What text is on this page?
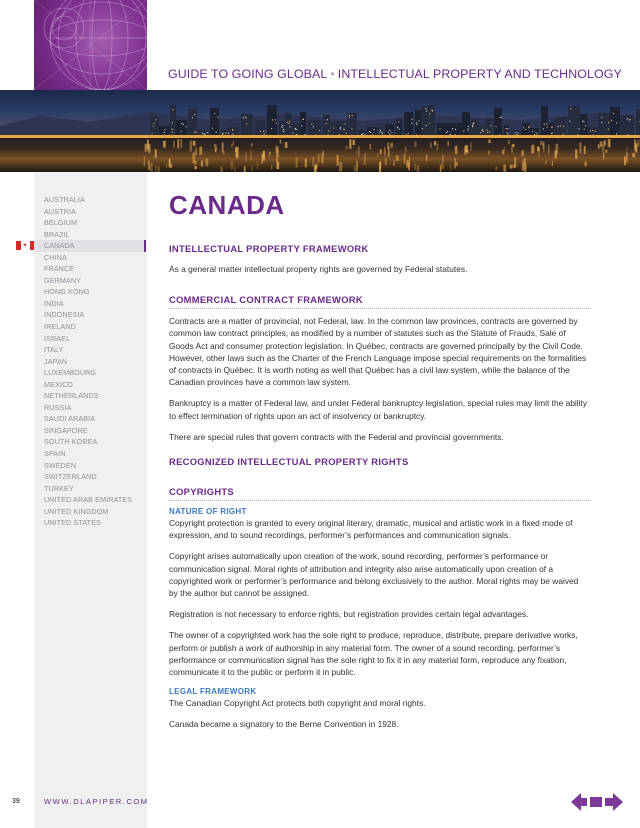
GUIDE TO GOING GLOBAL • INTELLECTUAL PROPERTY AND TECHNOLOGY
✦
AUSTRALIA
AUSTRIA
BELGIUM
BRAZIL
CANADA
CHINA
FRANCE
GERMANY
HONG KONG
INDIA
INDONESIA
IRELAND
ISRAEL
ITALY
JAPAN
LUXEMBOURG
MEXICO
NETHERLANDS
RUSSIA
SAUDI ARABIA
SINGAPORE
SOUTH KOREA
SPAIN
SWEDEN
SWITZERLAND
TURKEY
UNITED ARAB EMIRATES
UNITED KINGDOM
UNITED STATES
CANADA
INTELLECTUAL PROPERTY FRAMEWORK
As a general matter intellectual property rights are governed by Federal statutes.
COMMERCIAL CONTRACT FRAMEWORK
Contracts are a matter of provincial, not Federal, law. In the common law provinces, contracts are governed by common law contract principles, as modified by a number of statutes such as the Statute of Frauds, Sale of Goods Act and consumer protection legislation. In Québec, contracts are governed principally by the Civil Code. However, other laws such as the Charter of the French Language impose special requirements on the formalities of contracts in Québec. It is worth noting as well that Québec has a civil law system, while the balance of the Canadian provinces have a common law system.
Bankruptcy is a matter of Federal law, and under Federal bankruptcy legislation, special rules may limit the ability to effect termination of rights upon an act of insolvency or bankruptcy.
There are special rules that govern contracts with the Federal and provincial governments.
RECOGNIZED INTELLECTUAL PROPERTY RIGHTS
COPYRIGHTS
NATURE OF RIGHT
Copyright protection is granted to every original literary, dramatic, musical and artistic work in a fixed mode of expression, and to sound recordings, performer’s performances and communication signals.
Copyright arises automatically upon creation of the work, sound recording, performer’s performance or communication signal. Moral rights of attribution and integrity also arise automatically upon creation of a copyrighted work or performer’s performance and belong exclusively to the author. Moral rights may be waived by the author but cannot be assigned.
Registration is not necessary to enforce rights, but registration provides certain legal advantages.
The owner of a copyrighted work has the sole right to produce, reproduce, distribute, prepare derivative works, perform or publish a work of authorship in any material form. The owner of a sound recording, performer’s performance or communication signal has the sole right to fix it in any material form, reproduce any fixation, communicate it to the public or perform it in public.
LEGAL FRAMEWORK
The Canadian Copyright Act protects both copyright and moral rights.
Canada became a signatory to the Berne Convention in 1928.
39	WWW.DLAPIPER.COM
